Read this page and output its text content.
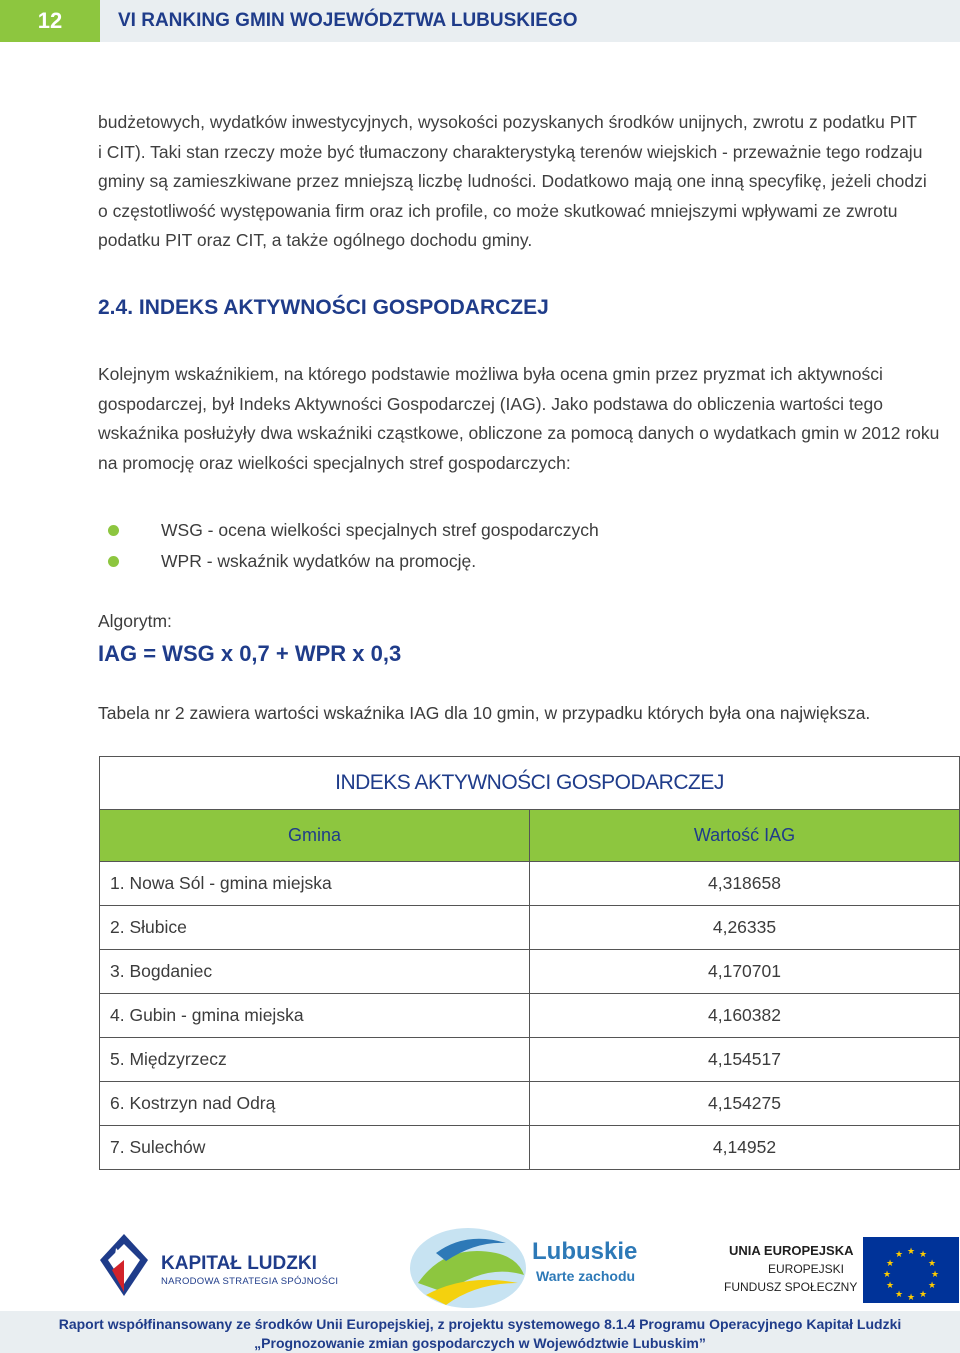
12	VI RANKING GMIN WOJEWÓDZTWA LUBUSKIEGO

budżetowych, wydatków inwestycyjnych, wysokości pozyskanych środków unijnych, zwrotu z podatku PIT

i CIT). Taki stan rzeczy może być tłumaczony charakterystyką terenów wiejskich - przeważnie tego rodzaju

gminy są zamieszkiwane przez mniejszą liczbę ludności. Dodatkowo mają one inną specyfikę, jeżeli chodzi

o częstotliwość występowania firm oraz ich profile, co może skutkować mniejszymi wpływami ze zwrotu

podatku PIT oraz CIT, a także ogólnego dochodu gminy.

2.4. INDEKS AKTYWNOŚCI GOSPODARCZEJ

Kolejnym wskaźnikiem, na którego podstawie możliwa była ocena gmin przez pryzmat ich aktywności

gospodarczej, był Indeks Aktywności Gospodarczej (IAG). Jako podstawa do obliczenia wartości tego

wskaźnika posłużyły dwa wskaźniki cząstkowe, obliczone za pomocą danych o wydatkach gmin w 2012 roku

na promocję oraz wielkości specjalnych stref gospodarczych:

WSG - ocena wielkości specjalnych stref gospodarczych
WPR - wskaźnik wydatków na promocję.
Algorytm:
IAG = WSG x 0,7 + WPR x 0,3
Tabela nr 2 zawiera wartości wskaźnika IAG dla 10 gmin, w przypadku których była ona największa.
INDEKS AKTYWNOŚCI GOSPODARCZEJ	
Gmina	Wartość IAG
1. Nowa Sól - gmina miejska	4,318658
2. Słubice	4,26335
3. Bogdaniec	4,170701
4. Gubin - gmina miejska	4,160382
5. Międzyrzecz	4,154517
6. Kostrzyn nad Odrą	4,154275
7. Sulechów	4,14952
KAPITAŁ LUDZKI
NARODOWA STRATEGIA SPÓJNOŚCI
Lubuskie
Warte zachodu
UNIA EUROPEJSKA
EUROPEJSKI
FUNDUSZ SPOŁECZNY
★ ★
★
★
★
★
★
★
★
★
★
★
Raport współfinansowany ze środków Unii Europejskiej, z projektu systemowego 8.1.4 Programu Operacyjnego Kapitał Ludzki
„Prognozowanie zmian gospodarczych w Województwie Lubuskim”
